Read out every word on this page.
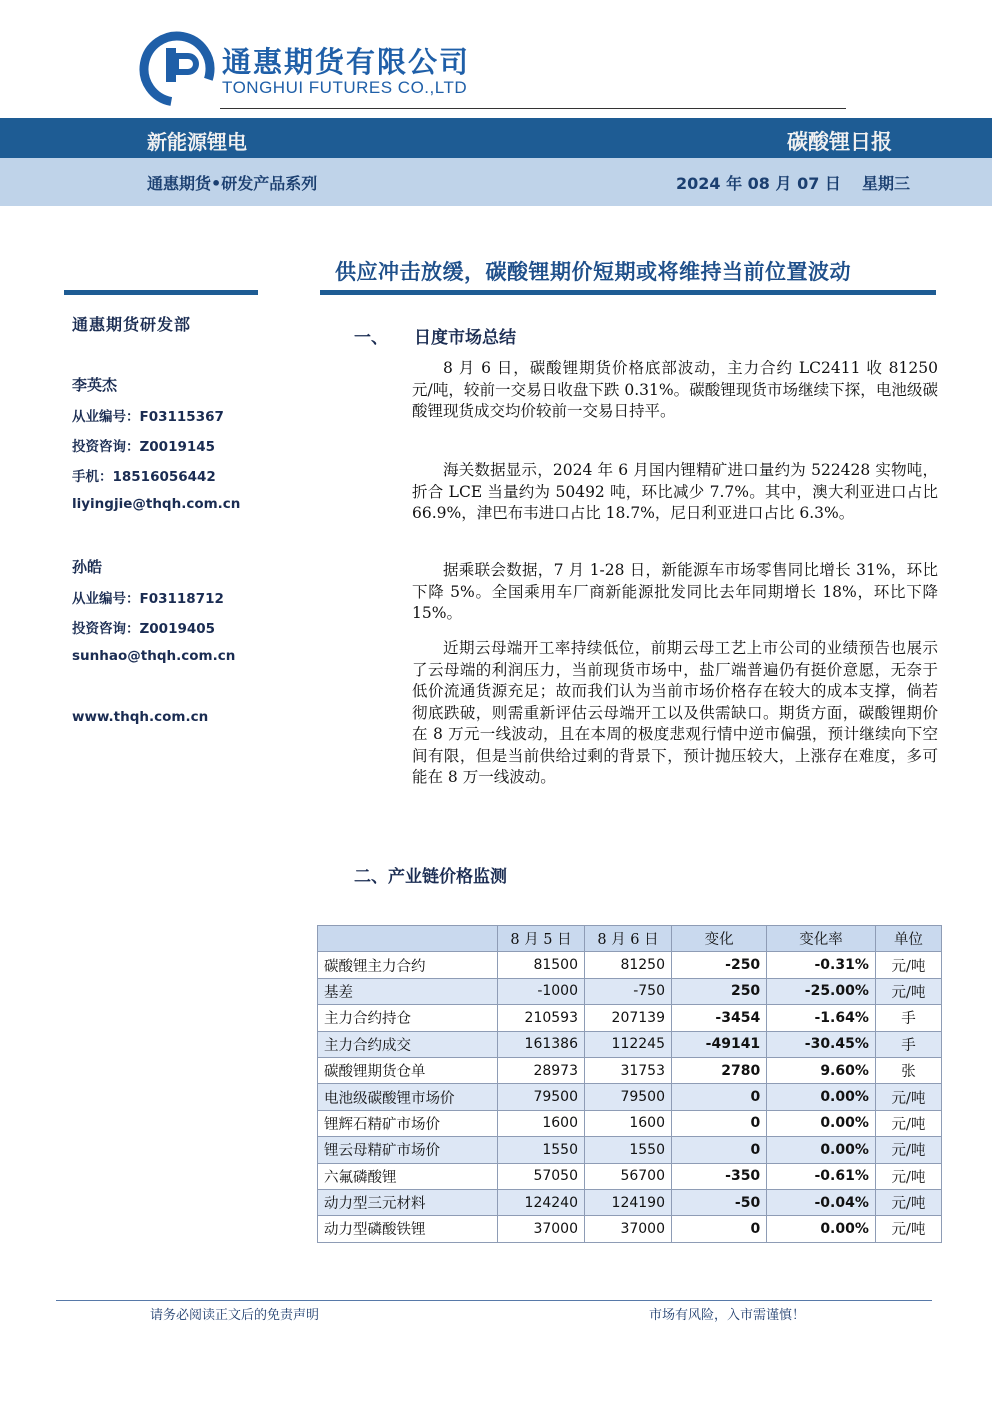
通惠期货有限公司
TONGHUI FUTURES CO.,LTD
新能源锂电	碳酸锂日报
通惠期货•研发产品系列	2024 年 08 月 07 日 星期三
供应冲击放缓，碳酸锂期价短期或将维持当前位置波动
通惠期货研发部
李英杰
从业编号：F03115367
投资咨询：Z0019145
手机：18516056442
liyingjie@thqh.com.cn
孙皓
从业编号：F03118712
投资咨询：Z0019405
sunhao@thqh.com.cn
www.thqh.com.cn
一、 日度市场总结
8 月 6 日，碳酸锂期货价格底部波动，主力合约 LC2411 收 81250 元/吨，较前一交易日收盘下跌 0.31%。碳酸锂现货市场继续下探，电池级碳酸锂现货成交均价较前一交易日持平。
海关数据显示，2024 年 6 月国内锂精矿进口量约为 522428 实物吨，折合 LCE 当量约为 50492 吨，环比减少 7.7%。其中，澳大利亚进口占比 66.9%，津巴布韦进口占比 18.7%，尼日利亚进口占比 6.3%。
据乘联会数据，7 月 1-28 日，新能源车市场零售同比增长 31%，环比下降 5%。全国乘用车厂商新能源批发同比去年同期增长 18%，环比下降 15%。
近期云母端开工率持续低位，前期云母工艺上市公司的业绩预告也展示了云母端的利润压力，当前现货市场中，盐厂端普遍仍有挺价意愿，无奈于低价流通货源充足；故而我们认为当前市场价格存在较大的成本支撑，倘若彻底跌破，则需重新评估云母端开工以及供需缺口。期货方面，碳酸锂期价在 8 万元一线波动，且在本周的极度悲观行情中逆市偏强，预计继续向下空间有限，但是当前供给过剩的背景下，预计抛压较大，上涨存在难度，多可能在 8 万一线波动。
二、产业链价格监测
	8 月 5 日	8 月 6 日	变化	变化率	单位
碳酸锂主力合约	81500	81250	-250	-0.31%	元/吨
基差	-1000	-750	250	-25.00%	元/吨
主力合约持仓	210593	207139	-3454	-1.64%	手
主力合约成交	161386	112245	-49141	-30.45%	手
碳酸锂期货仓单	28973	31753	2780	9.60%	张
电池级碳酸锂市场价	79500	79500	0	0.00%	元/吨
锂辉石精矿市场价	1600	1600	0	0.00%	元/吨
锂云母精矿市场价	1550	1550	0	0.00%	元/吨
六氟磷酸锂	57050	56700	-350	-0.61%	元/吨
动力型三元材料	124240	124190	-50	-0.04%	元/吨
动力型磷酸铁锂	37000	37000	0	0.00%	元/吨
请务必阅读正文后的免责声明	市场有风险，入市需谨慎！
